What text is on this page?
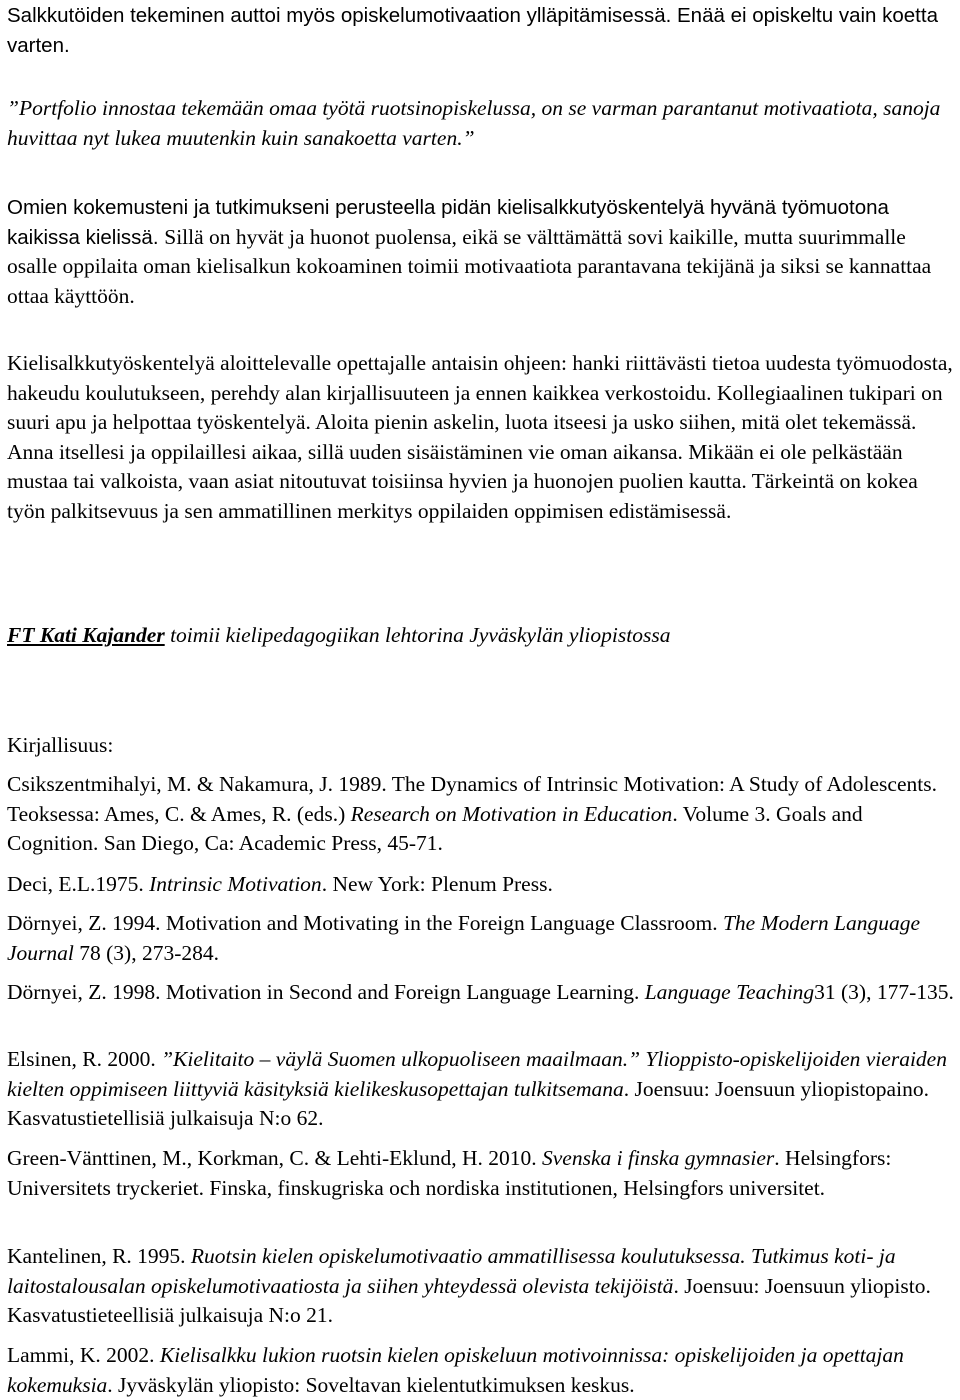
Salkkutöiden tekeminen auttoi myös opiskelumotivaation ylläpitämisessä. Enää ei opiskeltu vain koetta varten.

”Portfolio innostaa tekemään omaa työtä ruotsinopiskelussa, on se varman parantanut motivaatiota, sanoja huvittaa nyt lukea muutenkin kuin sanakoetta varten.”

Omien kokemusteni ja tutkimukseni perusteella pidän kielisalkkutyöskentelyä hyvänä työmuotona kaikissa kielissä. Sillä on hyvät ja huonot puolensa, eikä se välttämättä sovi kaikille, mutta suurimmalle osalle oppilaita oman kielisalkun kokoaminen toimii motivaatiota parantavana tekijänä ja siksi se kannattaa ottaa käyttöön.

Kielisalkkutyöskentelyä aloittelevalle opettajalle antaisin ohjeen: hanki riittävästi tietoa uudesta työmuodosta, hakeudu koulutukseen, perehdy alan kirjallisuuteen ja ennen kaikkea verkostoidu. Kollegiaalinen tukipari on suuri apu ja helpottaa työskentelyä. Aloita pienin askelin, luota itseesi ja usko siihen, mitä olet tekemässä. Anna itsellesi ja oppilaillesi aikaa, sillä uuden sisäistäminen vie oman aikansa. Mikään ei ole pelkästään mustaa tai valkoista, vaan asiat nitoutuvat toisiinsa hyvien ja huonojen puolien kautta. Tärkeintä on kokea työn palkitsevuus ja sen ammatillinen merkitys oppilaiden oppimisen edistämisessä.

FT Kati Kajander toimii kielipedagogiikan lehtorina Jyväskylän yliopistossa

Kirjallisuus:

Csikszentmihalyi, M. & Nakamura, J. 1989. The Dynamics of Intrinsic Motivation: A Study of Adolescents. Teoksessa: Ames, C. & Ames, R. (eds.) Research on Motivation in Education. Volume 3. Goals and Cognition. San Diego, Ca: Academic Press, 45-71.

Deci, E.L.1975. Intrinsic Motivation. New York: Plenum Press.

Dörnyei, Z. 1994. Motivation and Motivating in the Foreign Language Classroom. The Modern Language Journal 78 (3), 273-284.

Dörnyei, Z. 1998. Motivation in Second and Foreign Language Learning. Language Teaching31 (3), 177-135.

Elsinen, R. 2000. ”Kielitaito – väylä Suomen ulkopuoliseen maailmaan.” Ylioppisto-opiskelijoiden vieraiden kielten oppimiseen liittyviä käsityksiä kielikeskusopettajan tulkitsemana. Joensuu: Joensuun yliopistopaino. Kasvatustietellisiä julkaisuja N:o 62.

Green-Vänttinen, M., Korkman, C. & Lehti-Eklund, H. 2010. Svenska i finska gymnasier. Helsingfors: Universitets tryckeriet. Finska, finskugriska och nordiska institutionen, Helsingfors universitet.

Kantelinen, R. 1995. Ruotsin kielen opiskelumotivaatio ammatillisessa koulutuksessa. Tutkimus koti- ja laitostalousalan opiskelumotivaatiosta ja siihen yhteydessä olevista tekijöistä. Joensuu: Joensuun yliopisto. Kasvatustieteellisiä julkaisuja N:o 21.

Lammi, K. 2002. Kielisalkku lukion ruotsin kielen opiskeluun motivoinnissa: opiskelijoiden ja opettajan kokemuksia. Jyväskylän yliopisto: Soveltavan kielentutkimuksen keskus.
